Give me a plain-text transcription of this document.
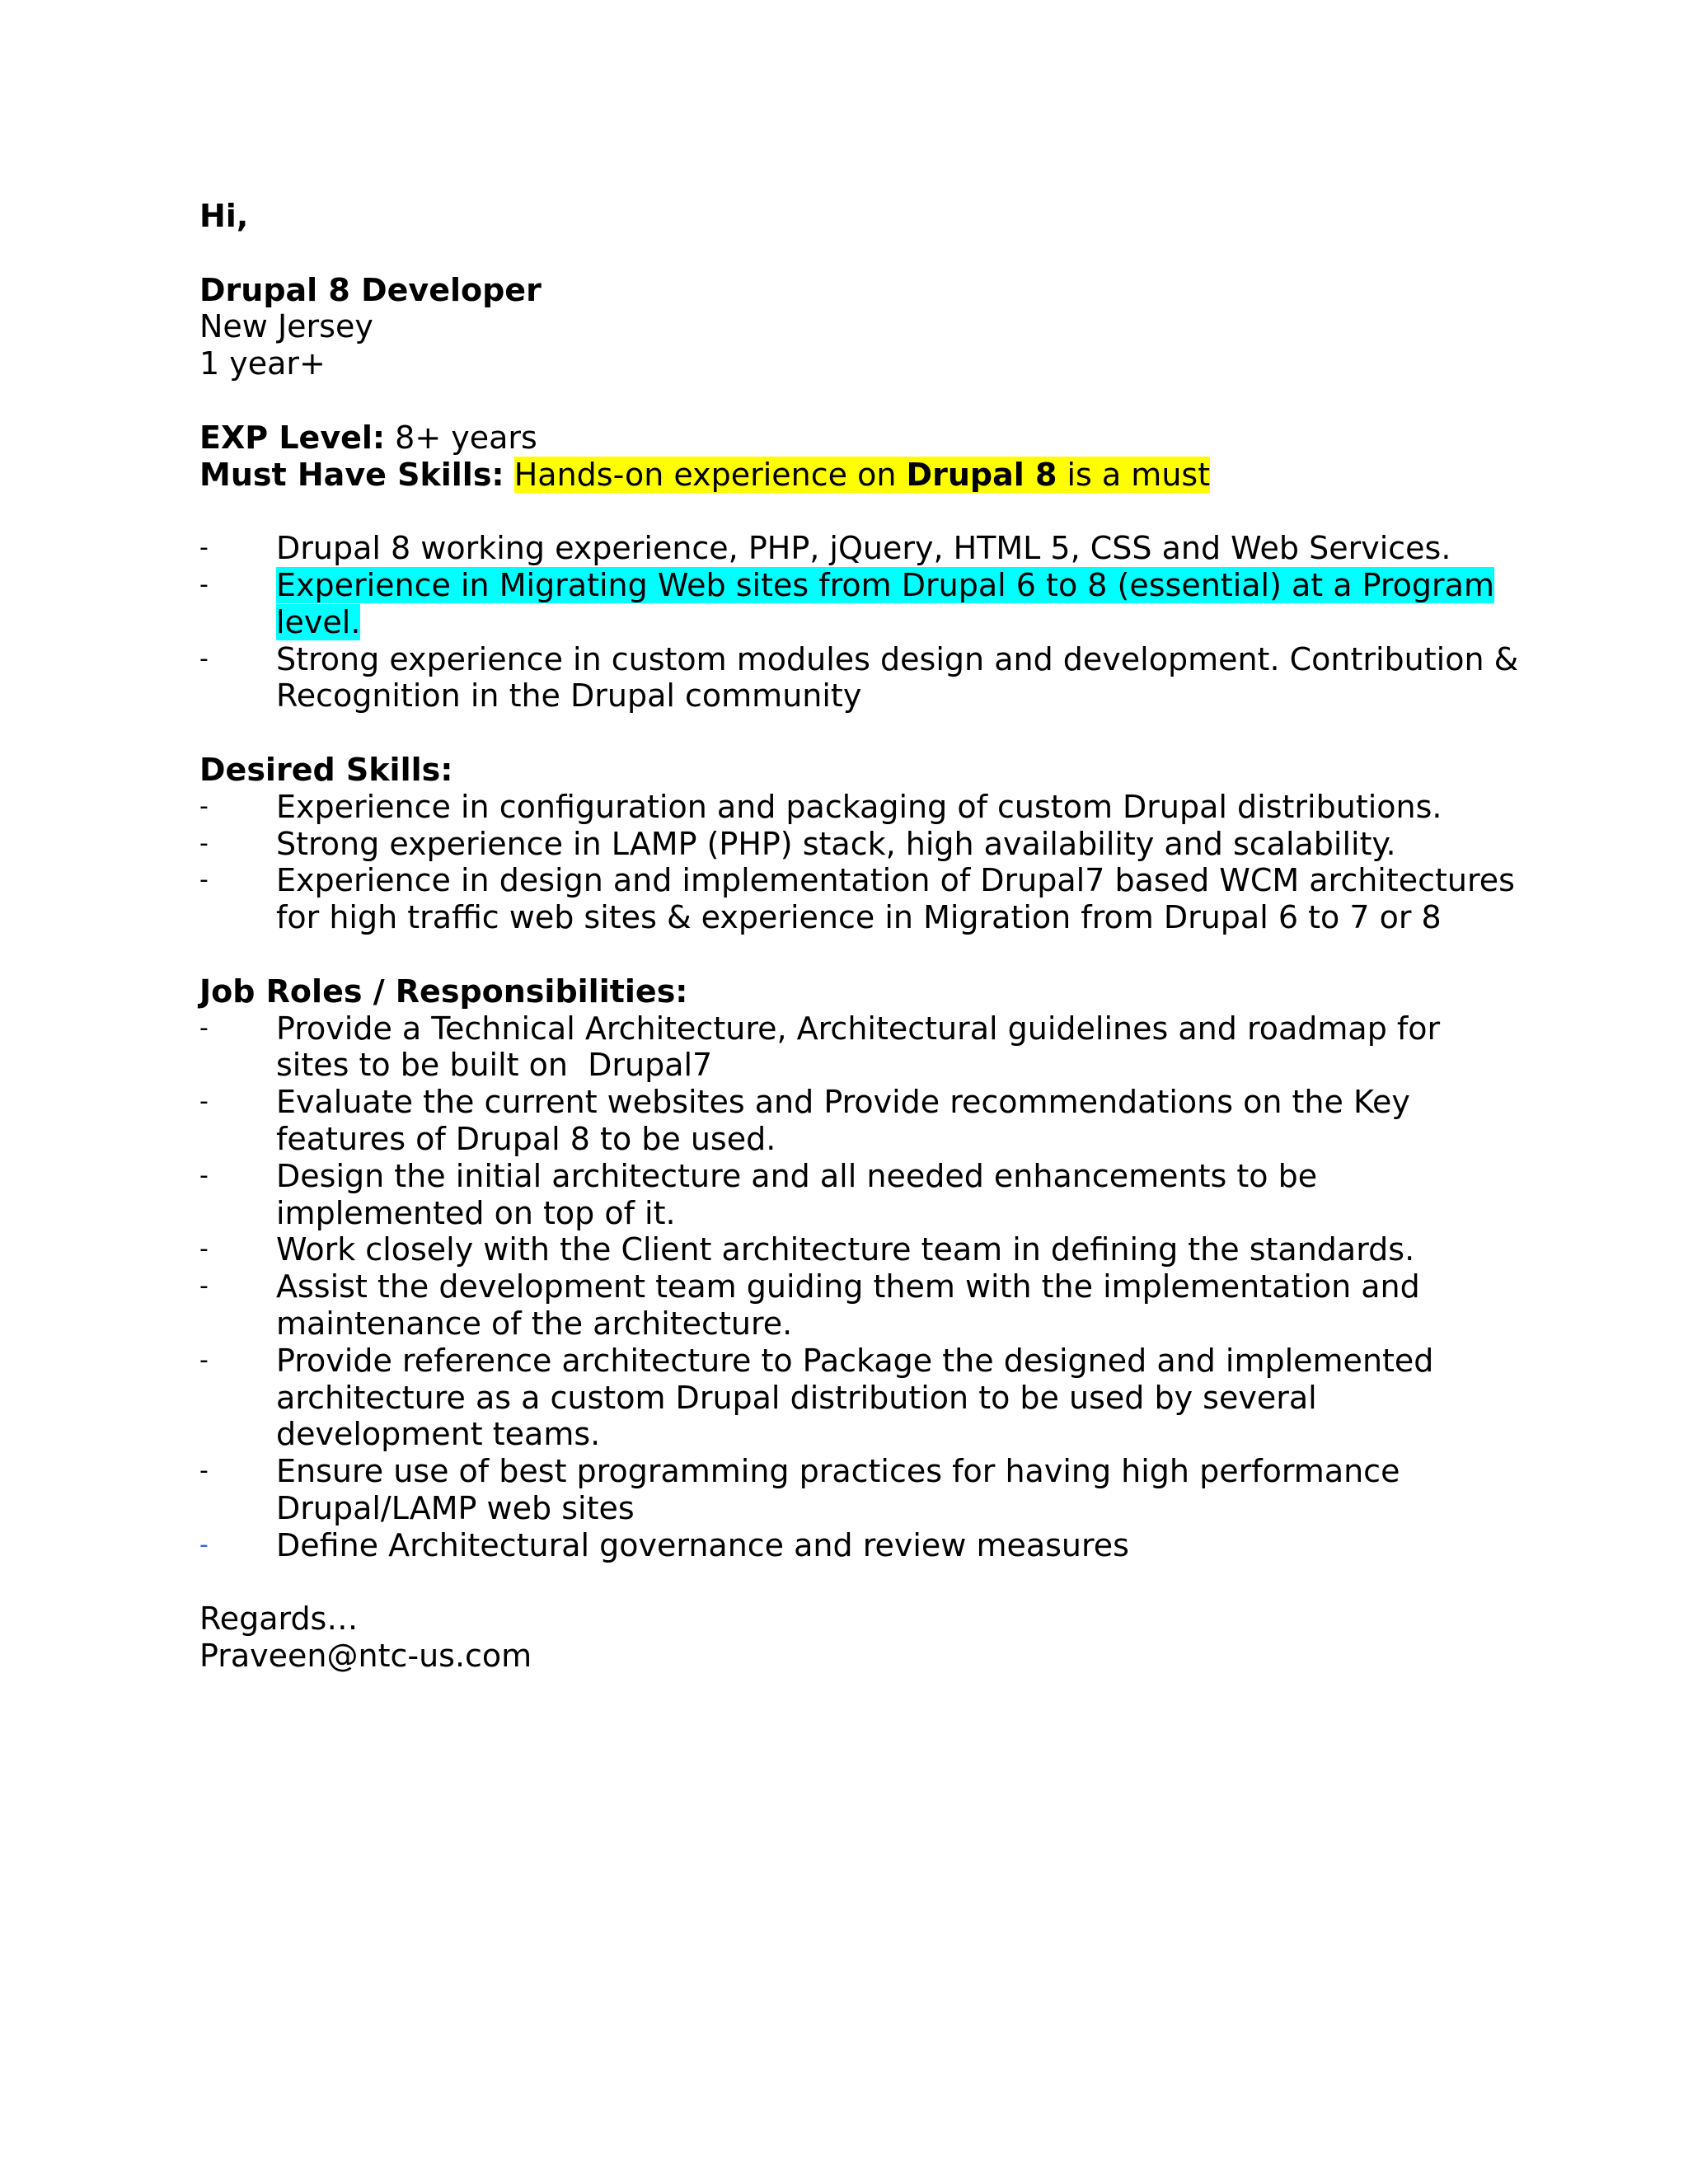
Hi,
Drupal 8 Developer
New Jersey
1 year+
EXP Level: 8+ years
Must Have Skills: Hands-on experience on Drupal 8 is a must
-	Drupal 8 working experience, PHP, jQuery, HTML 5, CSS and Web Services.
-	Experience in Migrating Web sites from Drupal 6 to 8 (essential) at a Program
level.
-	Strong experience in custom modules design and development. Contribution &
Recognition in the Drupal community
Desired Skills:
-	Experience in configuration and packaging of custom Drupal distributions.
-	Strong experience in LAMP (PHP) stack, high availability and scalability.
-	Experience in design and implementation of Drupal7 based WCM architectures
for high traffic web sites & experience in Migration from Drupal 6 to 7 or 8
Job Roles / Responsibilities:
-	Provide a Technical Architecture, Architectural guidelines and roadmap for
sites to be built on  Drupal7
-	Evaluate the current websites and Provide recommendations on the Key
features of Drupal 8 to be used.
-	Design the initial architecture and all needed enhancements to be
implemented on top of it.
-	Work closely with the Client architecture team in defining the standards.
-	Assist the development team guiding them with the implementation and
maintenance of the architecture.
-	Provide reference architecture to Package the designed and implemented
architecture as a custom Drupal distribution to be used by several
development teams.
-	Ensure use of best programming practices for having high performance
Drupal/LAMP web sites
-	Define Architectural governance and review measures
Regards…
Praveen@ntc-us.com
